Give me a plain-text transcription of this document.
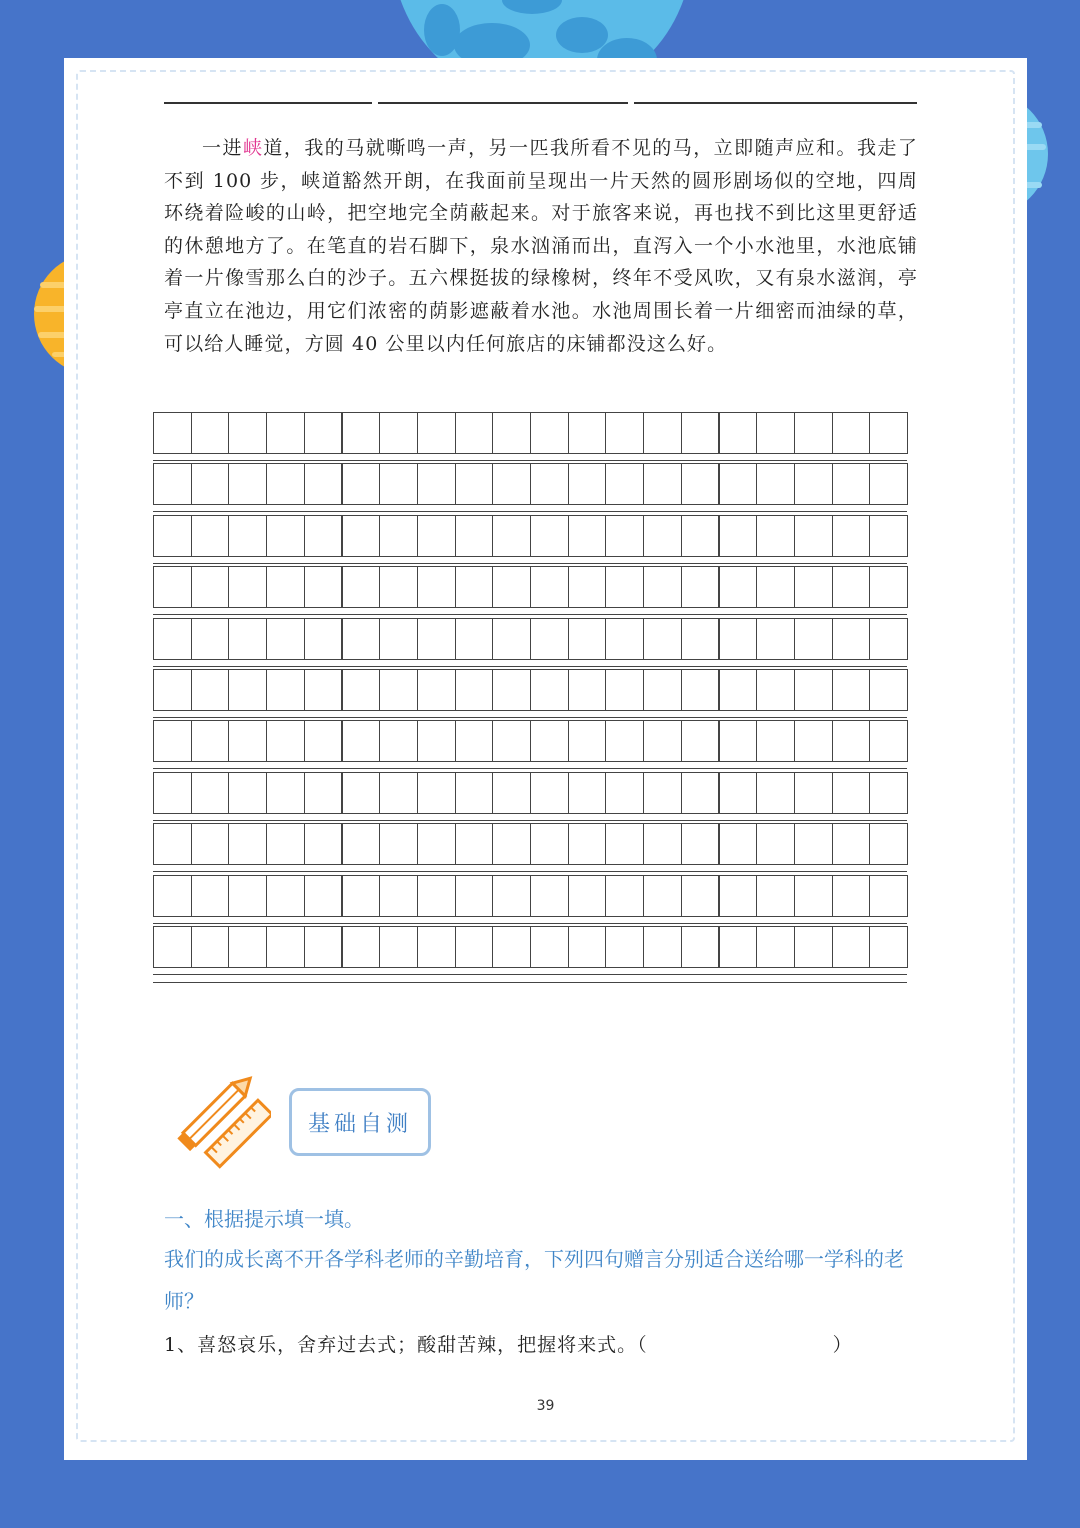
一进峡道，我的马就嘶鸣一声，另一匹我所看不见的马，立即随声应和。我走了不到 100 步，峡道豁然开朗，在我面前呈现出一片天然的圆形剧场似的空地，四周环绕着险峻的山岭，把空地完全荫蔽起来。对于旅客来说，再也找不到比这里更舒适的休憩地方了。在笔直的岩石脚下，泉水汹涌而出，直泻入一个小水池里，水池底铺着一片像雪那么白的沙子。五六棵挺拔的绿橡树，终年不受风吹，又有泉水滋润，亭亭直立在池边，用它们浓密的荫影遮蔽着水池。水池周围长着一片细密而油绿的草，可以给人睡觉，方圆 40 公里以内任何旅店的床铺都没这么好。

基础自测
一、根据提示填一填。
我们的成长离不开各学科老师的辛勤培育，下列四句赠言分别适合送给哪一学科的老师？
1、喜怒哀乐，舍弃过去式；酸甜苦辣，把握将来式。（	）
39
